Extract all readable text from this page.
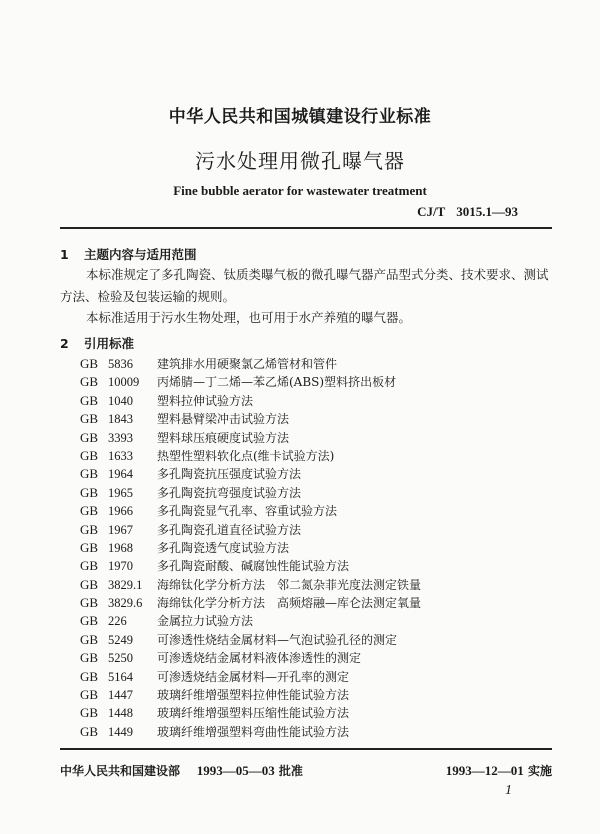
中华人民共和国城镇建设行业标准
污水处理用微孔曝气器
Fine bubble aerator for wastewater treatment
CJ/T 3015.1—93
1 主题内容与适用范围

本标准规定了多孔陶瓷、钛质类曝气板的微孔曝气器产品型式分类、技术要求、测试方法、检验及包装运输的规则。

本标准适用于污水生物处理，也可用于水产养殖的曝气器。

2 引用标准
GB 5836 建筑排水用硬聚氯乙烯管材和管件
GB 10009 丙烯腈—丁二烯—苯乙烯(ABS)塑料挤出板材
GB 1040 塑料拉伸试验方法
GB 1843 塑料悬臂梁冲击试验方法
GB 3393 塑料球压痕硬度试验方法
GB 1633 热塑性塑料软化点(维卡试验方法)
GB 1964 多孔陶瓷抗压强度试验方法
GB 1965 多孔陶瓷抗弯强度试验方法
GB 1966 多孔陶瓷显气孔率、容重试验方法
GB 1967 多孔陶瓷孔道直径试验方法
GB 1968 多孔陶瓷透气度试验方法
GB 1970 多孔陶瓷耐酸、碱腐蚀性能试验方法
GB 3829.1 海绵钛化学分析方法　邻二氮杂菲光度法测定铁量
GB 3829.6 海绵钛化学分析方法　高频熔融—库仑法测定氧量
GB 226	金属拉力试验方法
GB 5249 可渗透性烧结金属材料—气泡试验孔径的测定
GB 5250 可渗透烧结金属材料液体渗透性的测定
GB 5164 可渗透烧结金属材料—开孔率的测定
GB 1447 玻璃纤维增强塑料拉伸性能试验方法
GB 1448 玻璃纤维增强塑料压缩性能试验方法
GB 1449 玻璃纤维增强塑料弯曲性能试验方法
中华人民共和国建设部 1993—05—03 批准	1993—12—01 实施
1
